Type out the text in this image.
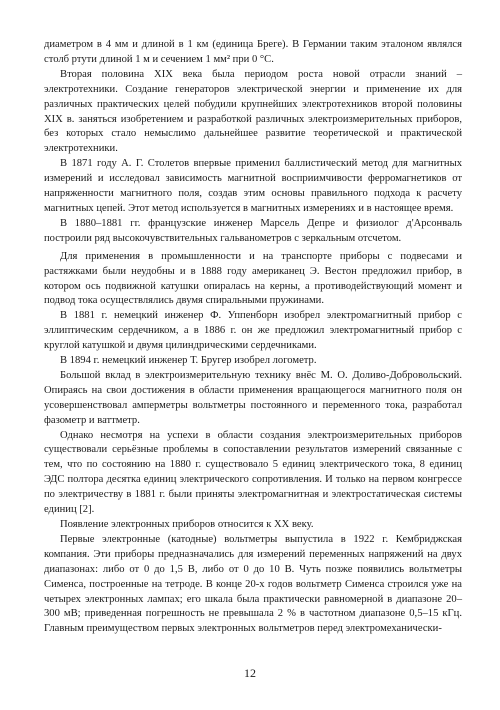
диаметром в 4 мм и длиной в 1 км (единица Бреге). В Германии таким эталоном являлся столб ртути длиной 1 м и сечением 1 мм² при 0 °С.

Вторая половина XIX века была периодом роста новой отрасли знаний – электротехники. Создание генераторов электрической энергии и применение их для различных практических целей побудили крупнейших электротехников второй половины XIX в. заняться изобретением и разработкой различных электроизмерительных приборов, без которых стало немыслимо дальнейшее развитие теоретической и практической электротехники.

В 1871 году А. Г. Столетов впервые применил баллистический метод для магнитных измерений и исследовал зависимость магнитной восприимчивости ферромагнетиков от напряженности магнитного поля, создав этим основы правильного подхода к расчету магнитных цепей. Этот метод используется в магнитных измерениях и в настоящее время.

В 1880–1881 гг. французские инженер Марсель Депре и физиолог д'Арсонваль построили ряд высокочувствительных гальванометров с зеркальным отсчетом.

Для применения в промышленности и на транспорте приборы с подвесами и растяжками были неудобны и в 1888 году американец Э. Вестон предложил прибор, в котором ось подвижной катушки опиралась на керны, а противодействующий момент и подвод тока осуществлялись двумя спиральными пружинами.

В 1881 г. немецкий инженер Ф. Уппенборн изобрел электромагнитный прибор с эллиптическим сердечником, а в 1886 г. он же предложил электромагнитный прибор с круглой катушкой и двумя цилиндрическими сердечниками.

В 1894 г. немецкий инженер Т. Бругер изобрел логометр.

Большой вклад в электроизмерительную технику внёс М. О. Доливо-Добровольский. Опираясь на свои достижения в области применения вращающегося магнитного поля он усовершенствовал амперметры вольтметры постоянного и переменного тока, разработал фазометр и ваттметр.

Однако несмотря на успехи в области создания электроизмерительных приборов существовали серьёзные проблемы в сопоставлении результатов измерений связанные с тем, что по состоянию на 1880 г. существовало 5 единиц электрического тока, 8 единиц ЭДС полтора десятка единиц электрического сопротивления. И только на первом конгрессе по электричеству в 1881 г. были приняты электромагнитная и электростатическая системы единиц [2].

Появление электронных приборов относится к XX веку.

Первые электронные (катодные) вольтметры выпустила в 1922 г. Кембриджская компания. Эти приборы предназначались для измерений переменных напряжений на двух диапазонах: либо от 0 до 1,5 В, либо от 0 до 10 В. Чуть позже появились вольтметры Сименса, построенные на тетроде. В конце 20-х годов вольтметр Сименса строился уже на четырех электронных лампах; его шкала была практически равномерной в диапазоне 20–300 мВ; приведенная погрешность не превышала 2 % в частотном диапазоне 0,5–15 кГц. Главным преимуществом первых электронных вольтметров перед электромеханически-

12
